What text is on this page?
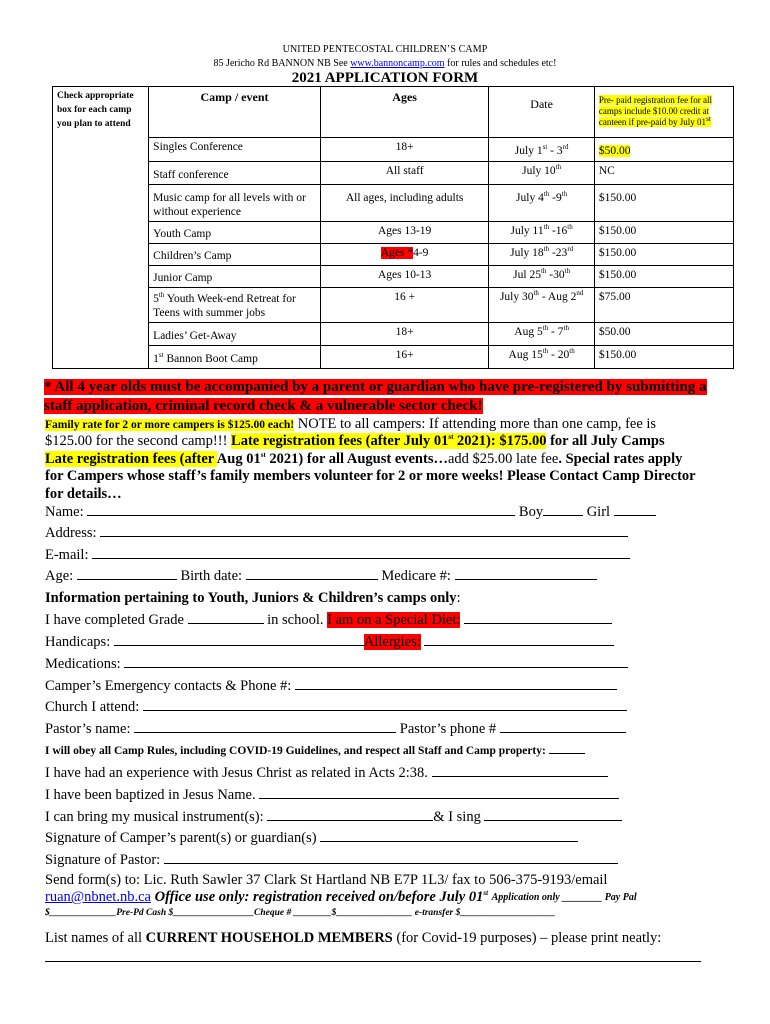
UNITED PENTECOSTAL CHILDREN’S CAMP
85 Jericho Rd BANNON NB See www.bannoncamp.com for rules and schedules etc!
2021 APPLICATION FORM
Check appropriate box for each camp you plan to attend	Camp / event	Ages	Date	Pre- paid registration fee for all camps include $10.00 credit at canteen if pre-paid by July 01st
	Singles Conference	18+	July 1st - 3rd	$50.00
	Staff conference	All staff	July 10th	NC
	Music camp for all levels with or without experience	All ages, including adults	July 4th -9th	$150.00
	Youth Camp	Ages 13-19	July 11th -16th	$150.00
	Children’s Camp	Ages *4-9	July 18th -23rd	$150.00
	Junior Camp	Ages 10-13	Jul 25th -30th	$150.00
	5th Youth Week-end Retreat for Teens with summer jobs	16 +	July 30th - Aug 2nd	$75.00
	Ladies’ Get-Away	18+	Aug 5th - 7th	$50.00
	1st Bannon Boot Camp	16+	Aug 15th - 20th	$150.00
* All 4 year olds must be accompanied by a parent or guardian who have pre-registered by submitting a staff application, criminal record check & a vulnerable sector check!
Family rate for 2 or more campers is $125.00 each! NOTE to all campers: If attending more than one camp, fee is
$125.00 for the second camp!!! Late registration fees (after July 01st 2021): $175.00 for all July Camps
Late registration fees (after Aug 01st 2021) for all August events…add $25.00 late fee. Special rates apply
for Campers whose staff’s family members volunteer for 2 or more weeks! Please Contact Camp Director
for details…
Name:	Boy	Girl
Address:
E-mail:
Age:	Birth date:	Medicare #:
Information pertaining to Youth, Juniors & Children’s camps only:
I have completed Grade	in school. I am on a Special Diet:
Handicaps:	Allergies:
Medications:
Camper’s Emergency contacts & Phone #:
Church I attend:
Pastor’s name:	Pastor’s phone #
I will obey all Camp Rules, including COVID-19 Guidelines, and respect all Staff and Camp property:
I have had an experience with Jesus Christ as related in Acts 2:38.
I have been baptized in Jesus Name.
I can bring my musical instrument(s):	& I sing
Signature of Camper’s parent(s) or guardian(s)
Signature of Pastor:
Send form(s) to: Lic. Ruth Sawler 37 Clark St Hartland NB E7P 1L3/ fax to 506-375-9193/email
ruan@nbnet.nb.ca Office use only: registration received on/before July 01st $^{Application only \_\_\_\_\_\_\_\_ Pay Pal}$
$______________Pre-Pd Cash $_________________Cheque # ________$________________ e-transfer $____________________
List names of all CURRENT HOUSEHOLD MEMBERS (for Covid-19 purposes) – please print neatly:
